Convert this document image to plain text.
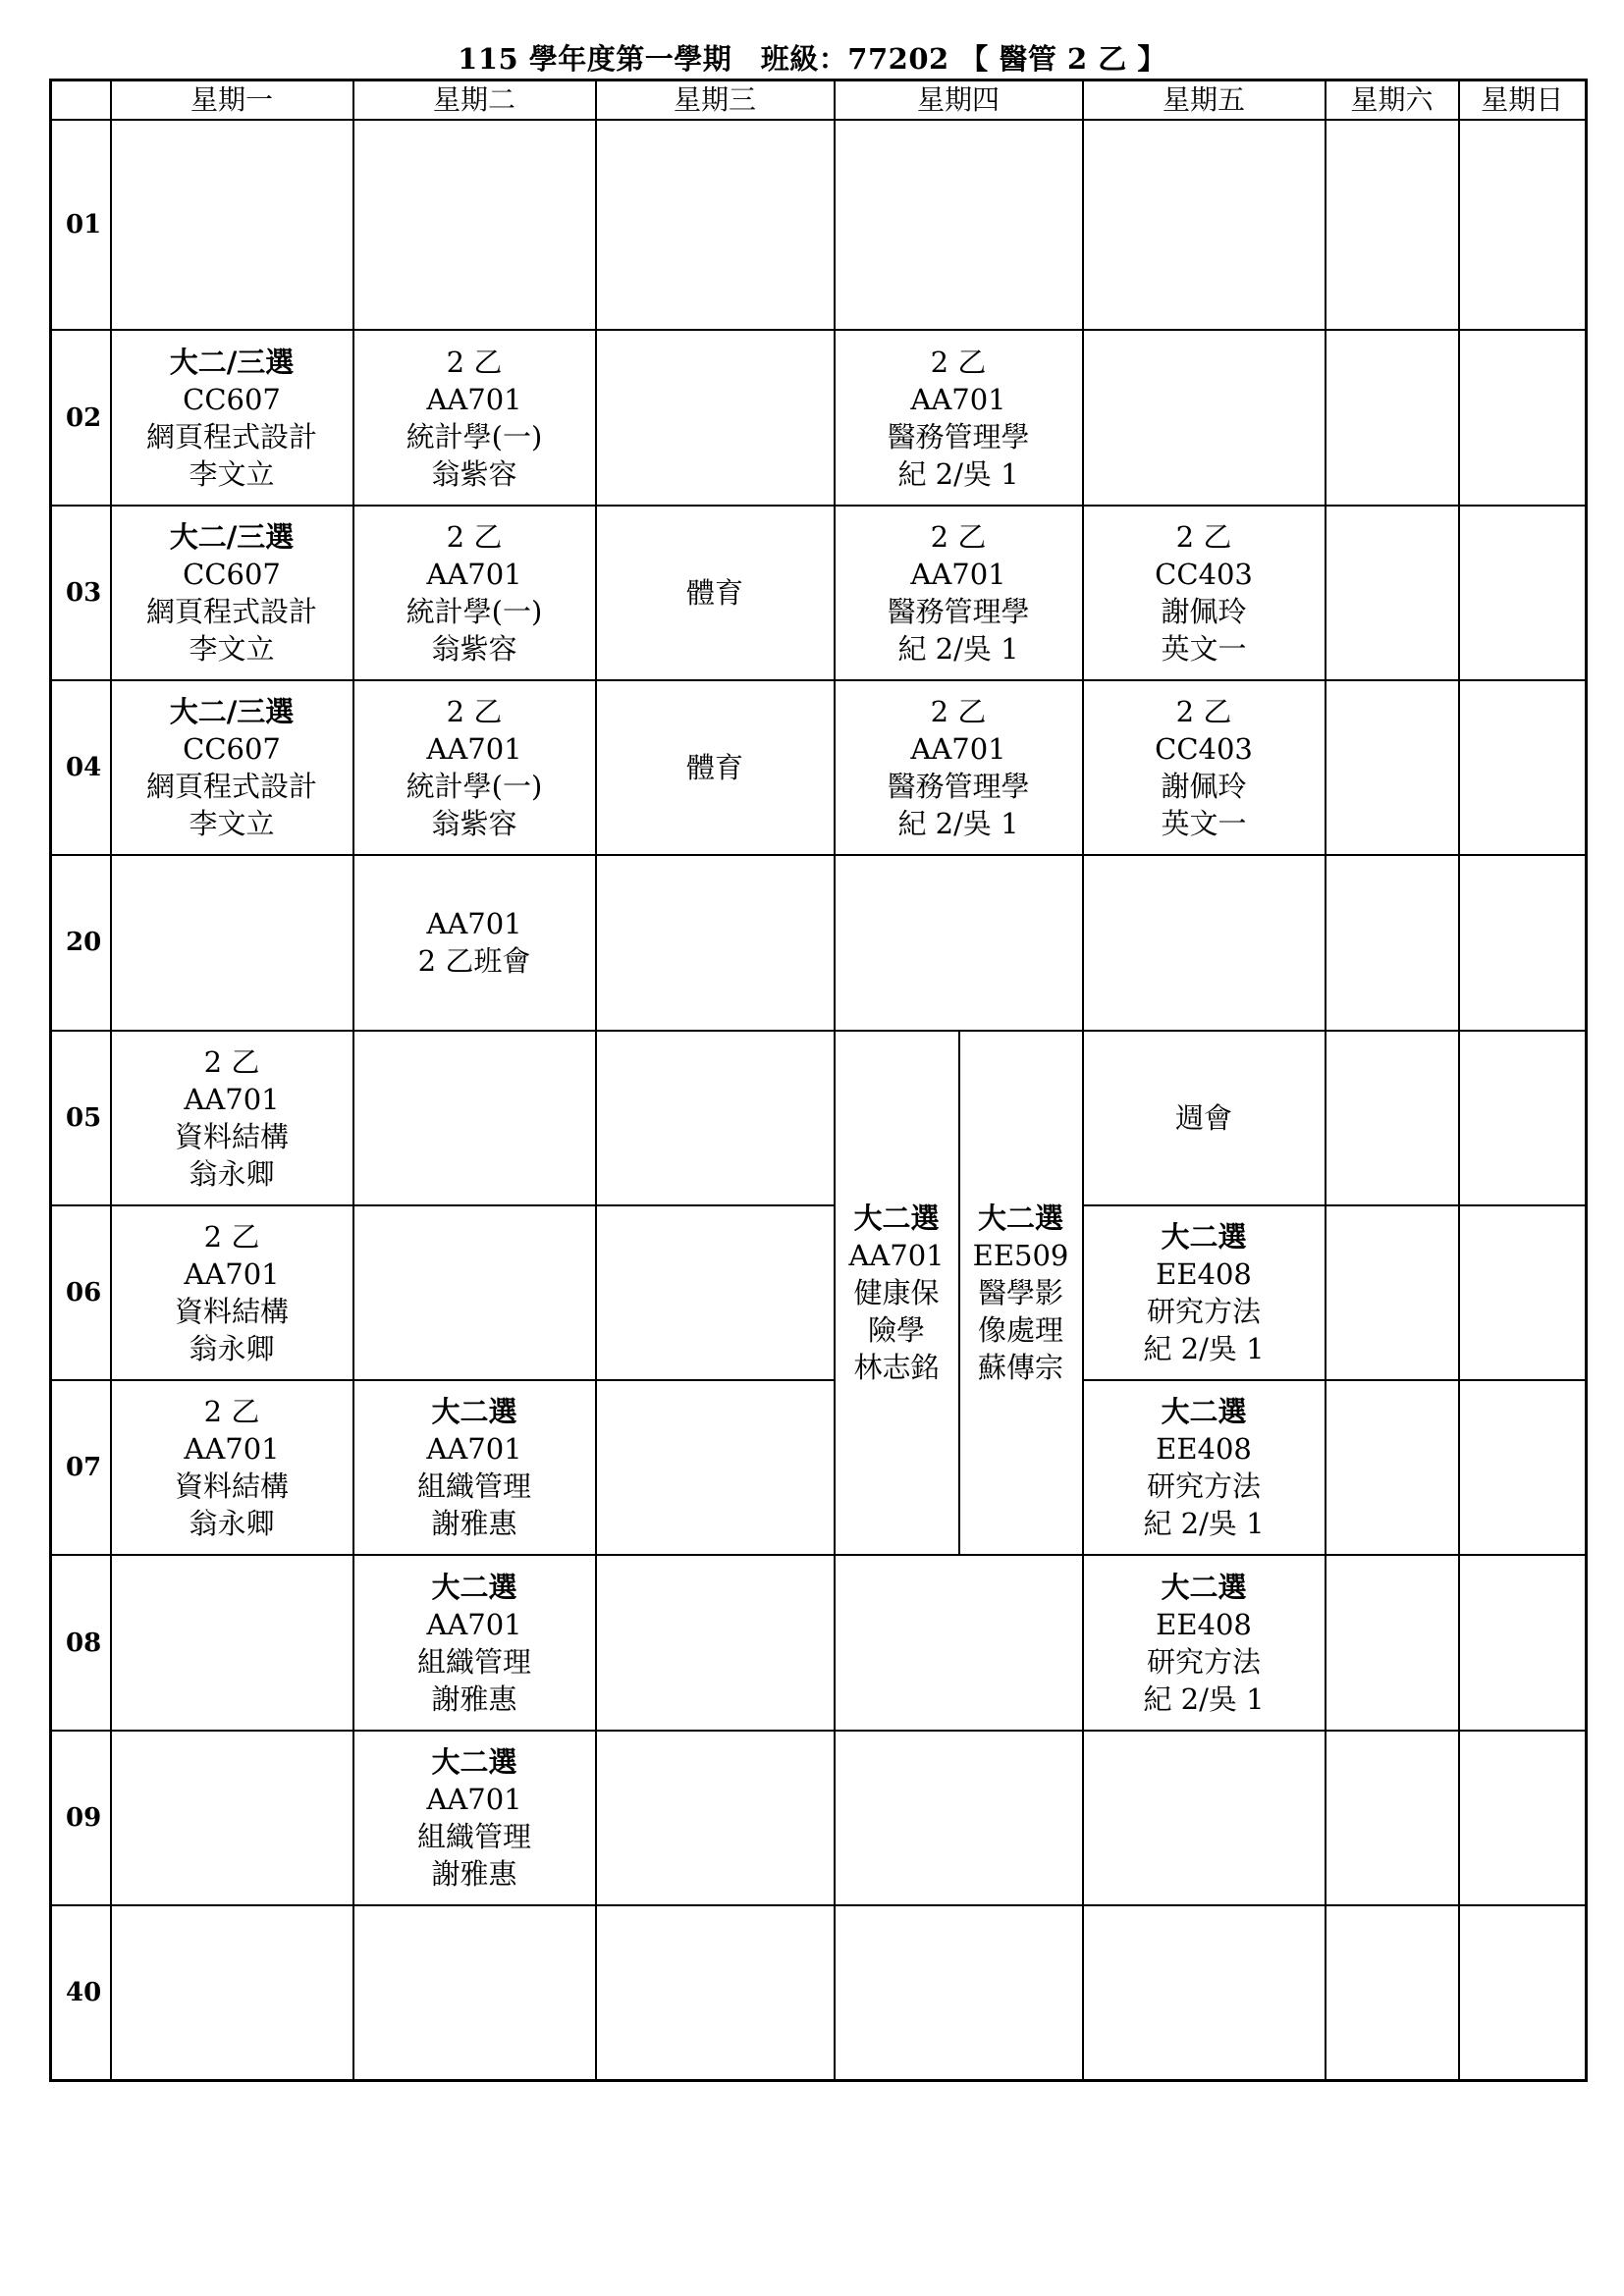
115 學年度第一學期　班級：77202 【 醫管 2 乙 】
	星期一	星期二	星期三	星期四		星期五	星期六	星期日
01								
02	大二/三選
CC607
網頁程式設計
李文立	2 乙
AA701
統計學(一)
翁紫容		2 乙
AA701
醫務管理學
紀 2/吳 1				

03	大二/三選
CC607
網頁程式設計
李文立	2 乙
AA701
統計學(一)
翁紫容	體育	2 乙
AA701
醫務管理學
紀 2/吳 1		2 乙
CC403
謝佩玲
英文一		

04	大二/三選
CC607
網頁程式設計
李文立	2 乙
AA701
統計學(一)
翁紫容	體育	2 乙
AA701
醫務管理學
紀 2/吳 1		2 乙
CC403
謝佩玲
英文一		

20		AA701
2 乙班會						

05	2 乙
AA701
資料結構
翁永卿			大二選
AA701
健康保
險學
林志銘	大二選
EE509
醫學影
像處理
蘇傳宗	週會		

06	2 乙
AA701
資料結構
翁永卿					大二選
EE408
研究方法
紀 2/吳 1		

07	2 乙
AA701
資料結構
翁永卿	大二選
AA701
組織管理
謝雅惠				大二選
EE408
研究方法
紀 2/吳 1		

08		大二選
AA701
組織管理
謝雅惠				大二選
EE408
研究方法
紀 2/吳 1		

09		大二選
AA701
組織管理
謝雅惠						

40								
